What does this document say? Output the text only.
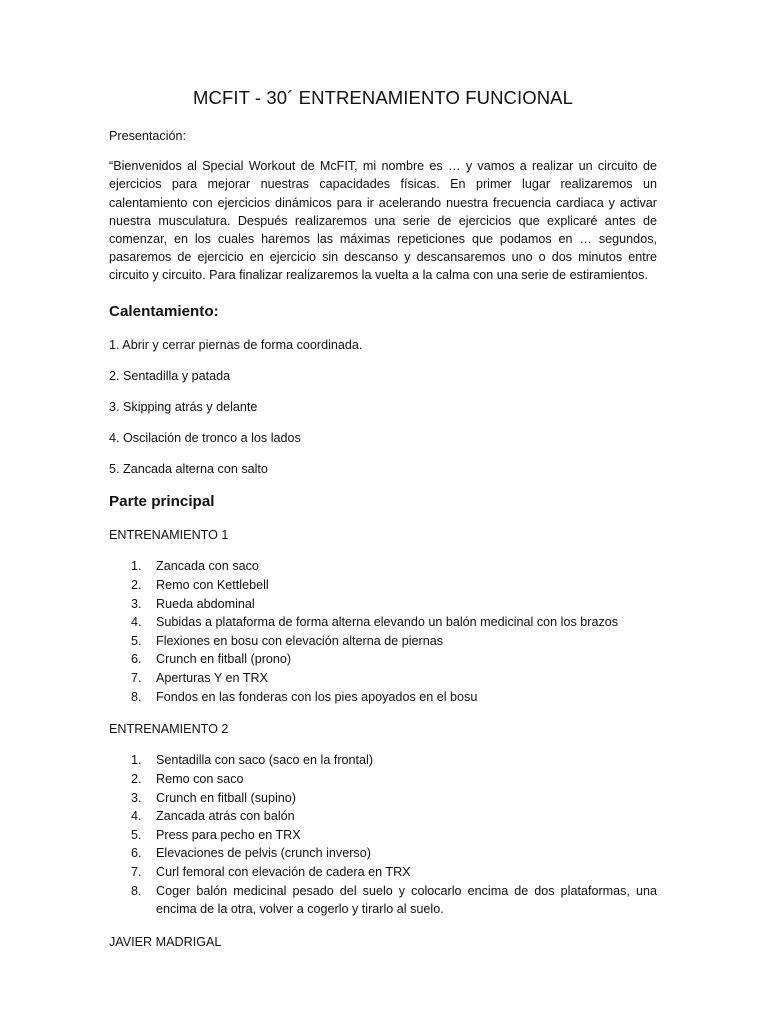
MCFIT - 30´ ENTRENAMIENTO FUNCIONAL

Presentación:

“Bienvenidos al Special Workout de McFIT, mi nombre es … y vamos a realizar un circuito de ejercicios para mejorar nuestras capacidades físicas. En primer lugar realizaremos un calentamiento con ejercicios dinámicos para ir acelerando nuestra frecuencia cardiaca y activar nuestra musculatura. Después realizaremos una serie de ejercicios que explicaré antes de comenzar, en los cuales haremos las máximas repeticiones que podamos en … segundos, pasaremos de ejercicio en ejercicio sin descanso y descansaremos uno o dos minutos entre circuito y circuito. Para finalizar realizaremos la vuelta a la calma con una serie de estiramientos.

Calentamiento:

1. Abrir y cerrar piernas de forma coordinada.

2. Sentadilla y patada

3. Skipping atrás y delante

4. Oscilación de tronco a los lados

5. Zancada alterna con salto

Parte principal

ENTRENAMIENTO 1

1.	Zancada con saco
2.	Remo con Kettlebell
3.	Rueda abdominal
4.	Subidas a plataforma de forma alterna elevando un balón medicinal con los brazos
5.	Flexiones en bosu con elevación alterna de piernas
6.	Crunch en fitball (prono)
7.	Aperturas Y en TRX
8.	Fondos en las fonderas con los pies apoyados en el bosu

ENTRENAMIENTO 2

1.	Sentadilla con saco (saco en la frontal)
2.	Remo con saco
3.	Crunch en fitball (supino)
4.	Zancada atrás con balón
5.	Press para pecho en TRX
6.	Elevaciones de pelvis (crunch inverso)
7.	Curl femoral con elevación de cadera en TRX
8.	Coger balón medicinal pesado del suelo y colocarlo encima de dos plataformas, una encima de la otra, volver a cogerlo y tirarlo al suelo.

JAVIER MADRIGAL
